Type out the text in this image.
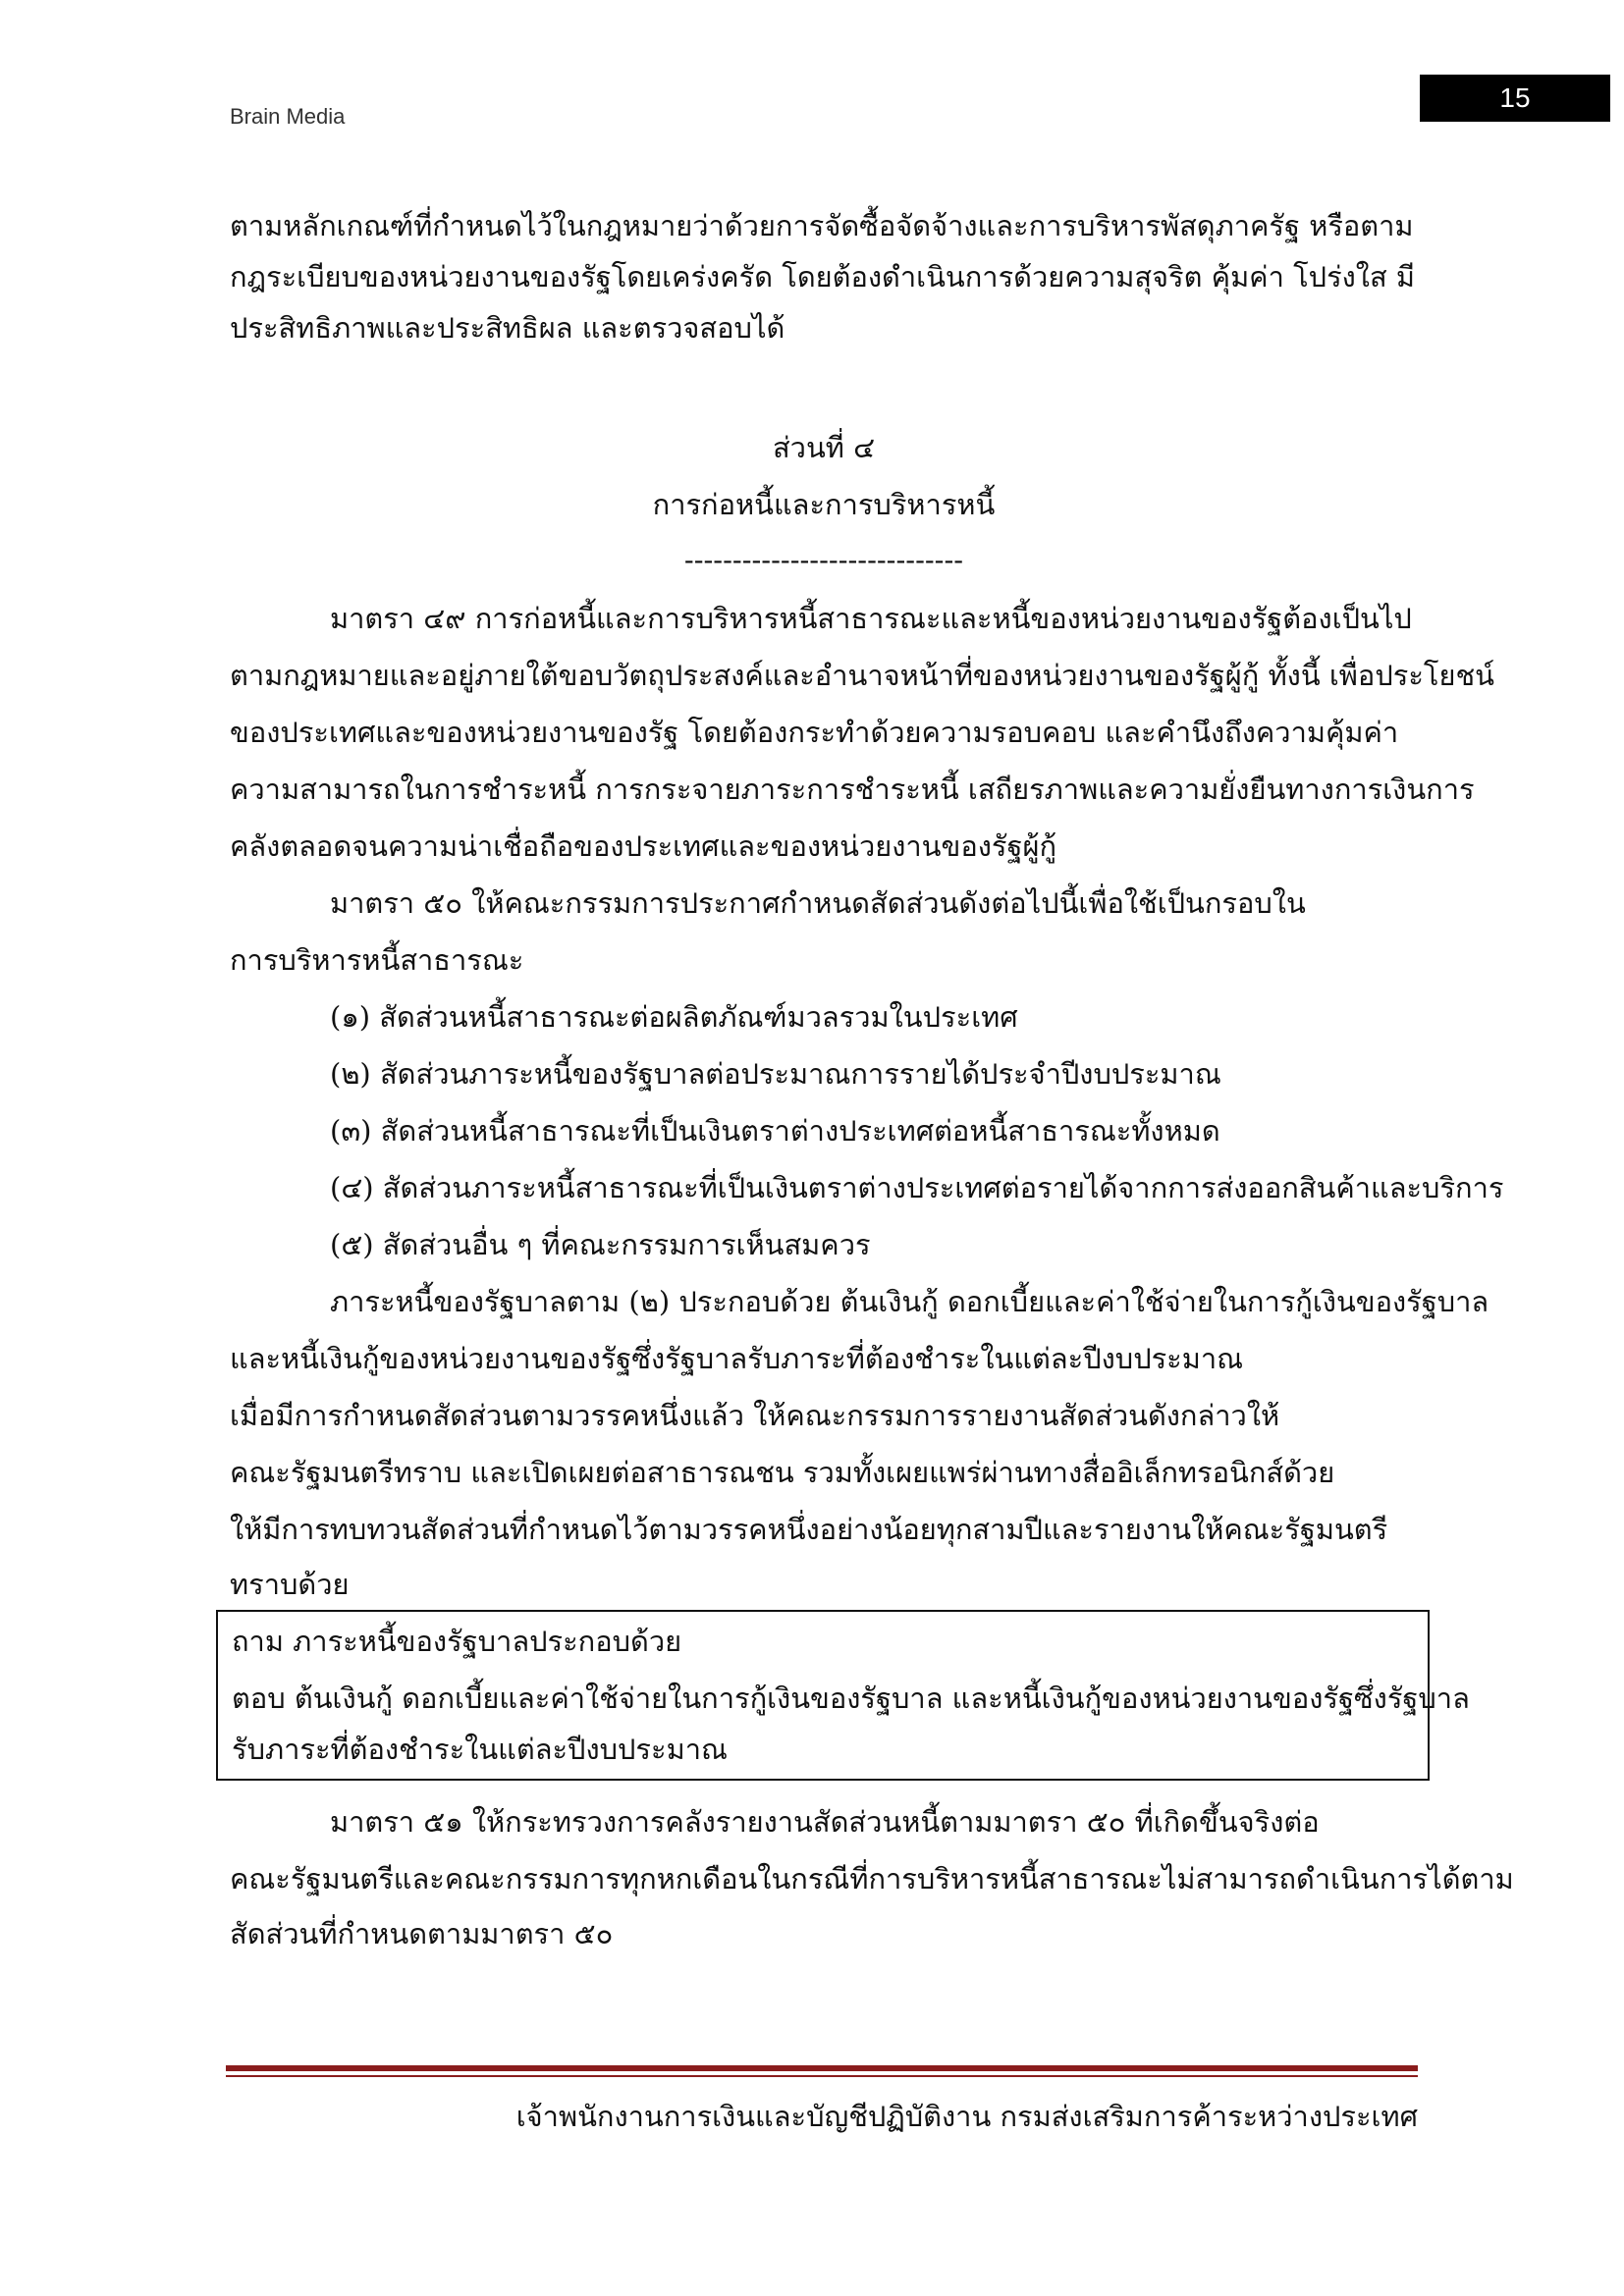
Brain Media
15
ตามหลักเกณฑ์ที่กำหนดไว้ในกฎหมายว่าด้วยการจัดซื้อจัดจ้างและการบริหารพัสดุภาครัฐ หรือตาม
กฎระเบียบของหน่วยงานของรัฐโดยเคร่งครัด โดยต้องดำเนินการด้วยความสุจริต คุ้มค่า โปร่งใส มี
ประสิทธิภาพและประสิทธิผล และตรวจสอบได้
ส่วนที่ ๔
การก่อหนี้และการบริหารหนี้
-----------------------------
มาตรา ๔๙ การก่อหนี้และการบริหารหนี้สาธารณะและหนี้ของหน่วยงานของรัฐต้องเป็นไป
ตามกฎหมายและอยู่ภายใต้ขอบวัตถุประสงค์และอำนาจหน้าที่ของหน่วยงานของรัฐผู้กู้ ทั้งนี้ เพื่อประโยชน์
ของประเทศและของหน่วยงานของรัฐ โดยต้องกระทำด้วยความรอบคอบ และคำนึงถึงความคุ้มค่า
ความสามารถในการชำระหนี้ การกระจายภาระการชำระหนี้ เสถียรภาพและความยั่งยืนทางการเงินการ
คลังตลอดจนความน่าเชื่อถือของประเทศและของหน่วยงานของรัฐผู้กู้
มาตรา ๕๐ ให้คณะกรรมการประกาศกำหนดสัดส่วนดังต่อไปนี้เพื่อใช้เป็นกรอบใน
การบริหารหนี้สาธารณะ
(๑) สัดส่วนหนี้สาธารณะต่อผลิตภัณฑ์มวลรวมในประเทศ
(๒) สัดส่วนภาระหนี้ของรัฐบาลต่อประมาณการรายได้ประจำปีงบประมาณ
(๓) สัดส่วนหนี้สาธารณะที่เป็นเงินตราต่างประเทศต่อหนี้สาธารณะทั้งหมด
(๔) สัดส่วนภาระหนี้สาธารณะที่เป็นเงินตราต่างประเทศต่อรายได้จากการส่งออกสินค้าและบริการ
(๕) สัดส่วนอื่น ๆ ที่คณะกรรมการเห็นสมควร
ภาระหนี้ของรัฐบาลตาม (๒) ประกอบด้วย ต้นเงินกู้ ดอกเบี้ยและค่าใช้จ่ายในการกู้เงินของรัฐบาล
และหนี้เงินกู้ของหน่วยงานของรัฐซึ่งรัฐบาลรับภาระที่ต้องชำระในแต่ละปีงบประมาณ
เมื่อมีการกำหนดสัดส่วนตามวรรคหนึ่งแล้ว ให้คณะกรรมการรายงานสัดส่วนดังกล่าวให้
คณะรัฐมนตรีทราบ และเปิดเผยต่อสาธารณชน รวมทั้งเผยแพร่ผ่านทางสื่ออิเล็กทรอนิกส์ด้วย
ให้มีการทบทวนสัดส่วนที่กำหนดไว้ตามวรรคหนึ่งอย่างน้อยทุกสามปีและรายงานให้คณะรัฐมนตรี
ทราบด้วย
ถาม ภาระหนี้ของรัฐบาลประกอบด้วย
ตอบ ต้นเงินกู้ ดอกเบี้ยและค่าใช้จ่ายในการกู้เงินของรัฐบาล และหนี้เงินกู้ของหน่วยงานของรัฐซึ่งรัฐบาล
รับภาระที่ต้องชำระในแต่ละปีงบประมาณ
มาตรา ๕๑ ให้กระทรวงการคลังรายงานสัดส่วนหนี้ตามมาตรา ๕๐ ที่เกิดขึ้นจริงต่อ
คณะรัฐมนตรีและคณะกรรมการทุกหกเดือนในกรณีที่การบริหารหนี้สาธารณะไม่สามารถดำเนินการได้ตาม
สัดส่วนที่กำหนดตามมาตรา ๕๐
เจ้าพนักงานการเงินและบัญชีปฏิบัติงาน กรมส่งเสริมการค้าระหว่างประเทศ
